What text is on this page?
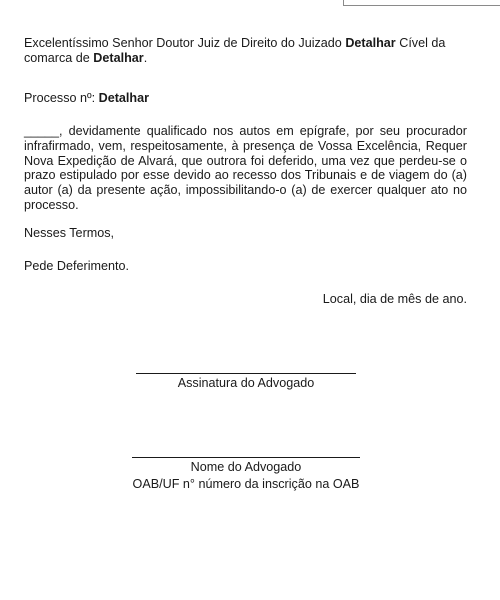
Excelentíssimo Senhor Doutor Juiz de Direito do Juizado Detalhar Cível da comarca de Detalhar.

Processo nº: Detalhar

_____, devidamente qualificado nos autos em epígrafe, por seu procurador infrafirmado, vem, respeitosamente, à presença de Vossa Excelência, Requer Nova Expedição de Alvará, que outrora foi deferido, uma vez que perdeu-se o prazo estipulado por esse devido ao recesso dos Tribunais e de viagem do (a) autor (a) da presente ação, impossibilitando-o (a) de exercer qualquer ato no processo.

Nesses Termos,

Pede Deferimento.

Local, dia de mês de ano.

Assinatura do Advogado
Nome do Advogado
OAB/UF n° número da inscrição na OAB
